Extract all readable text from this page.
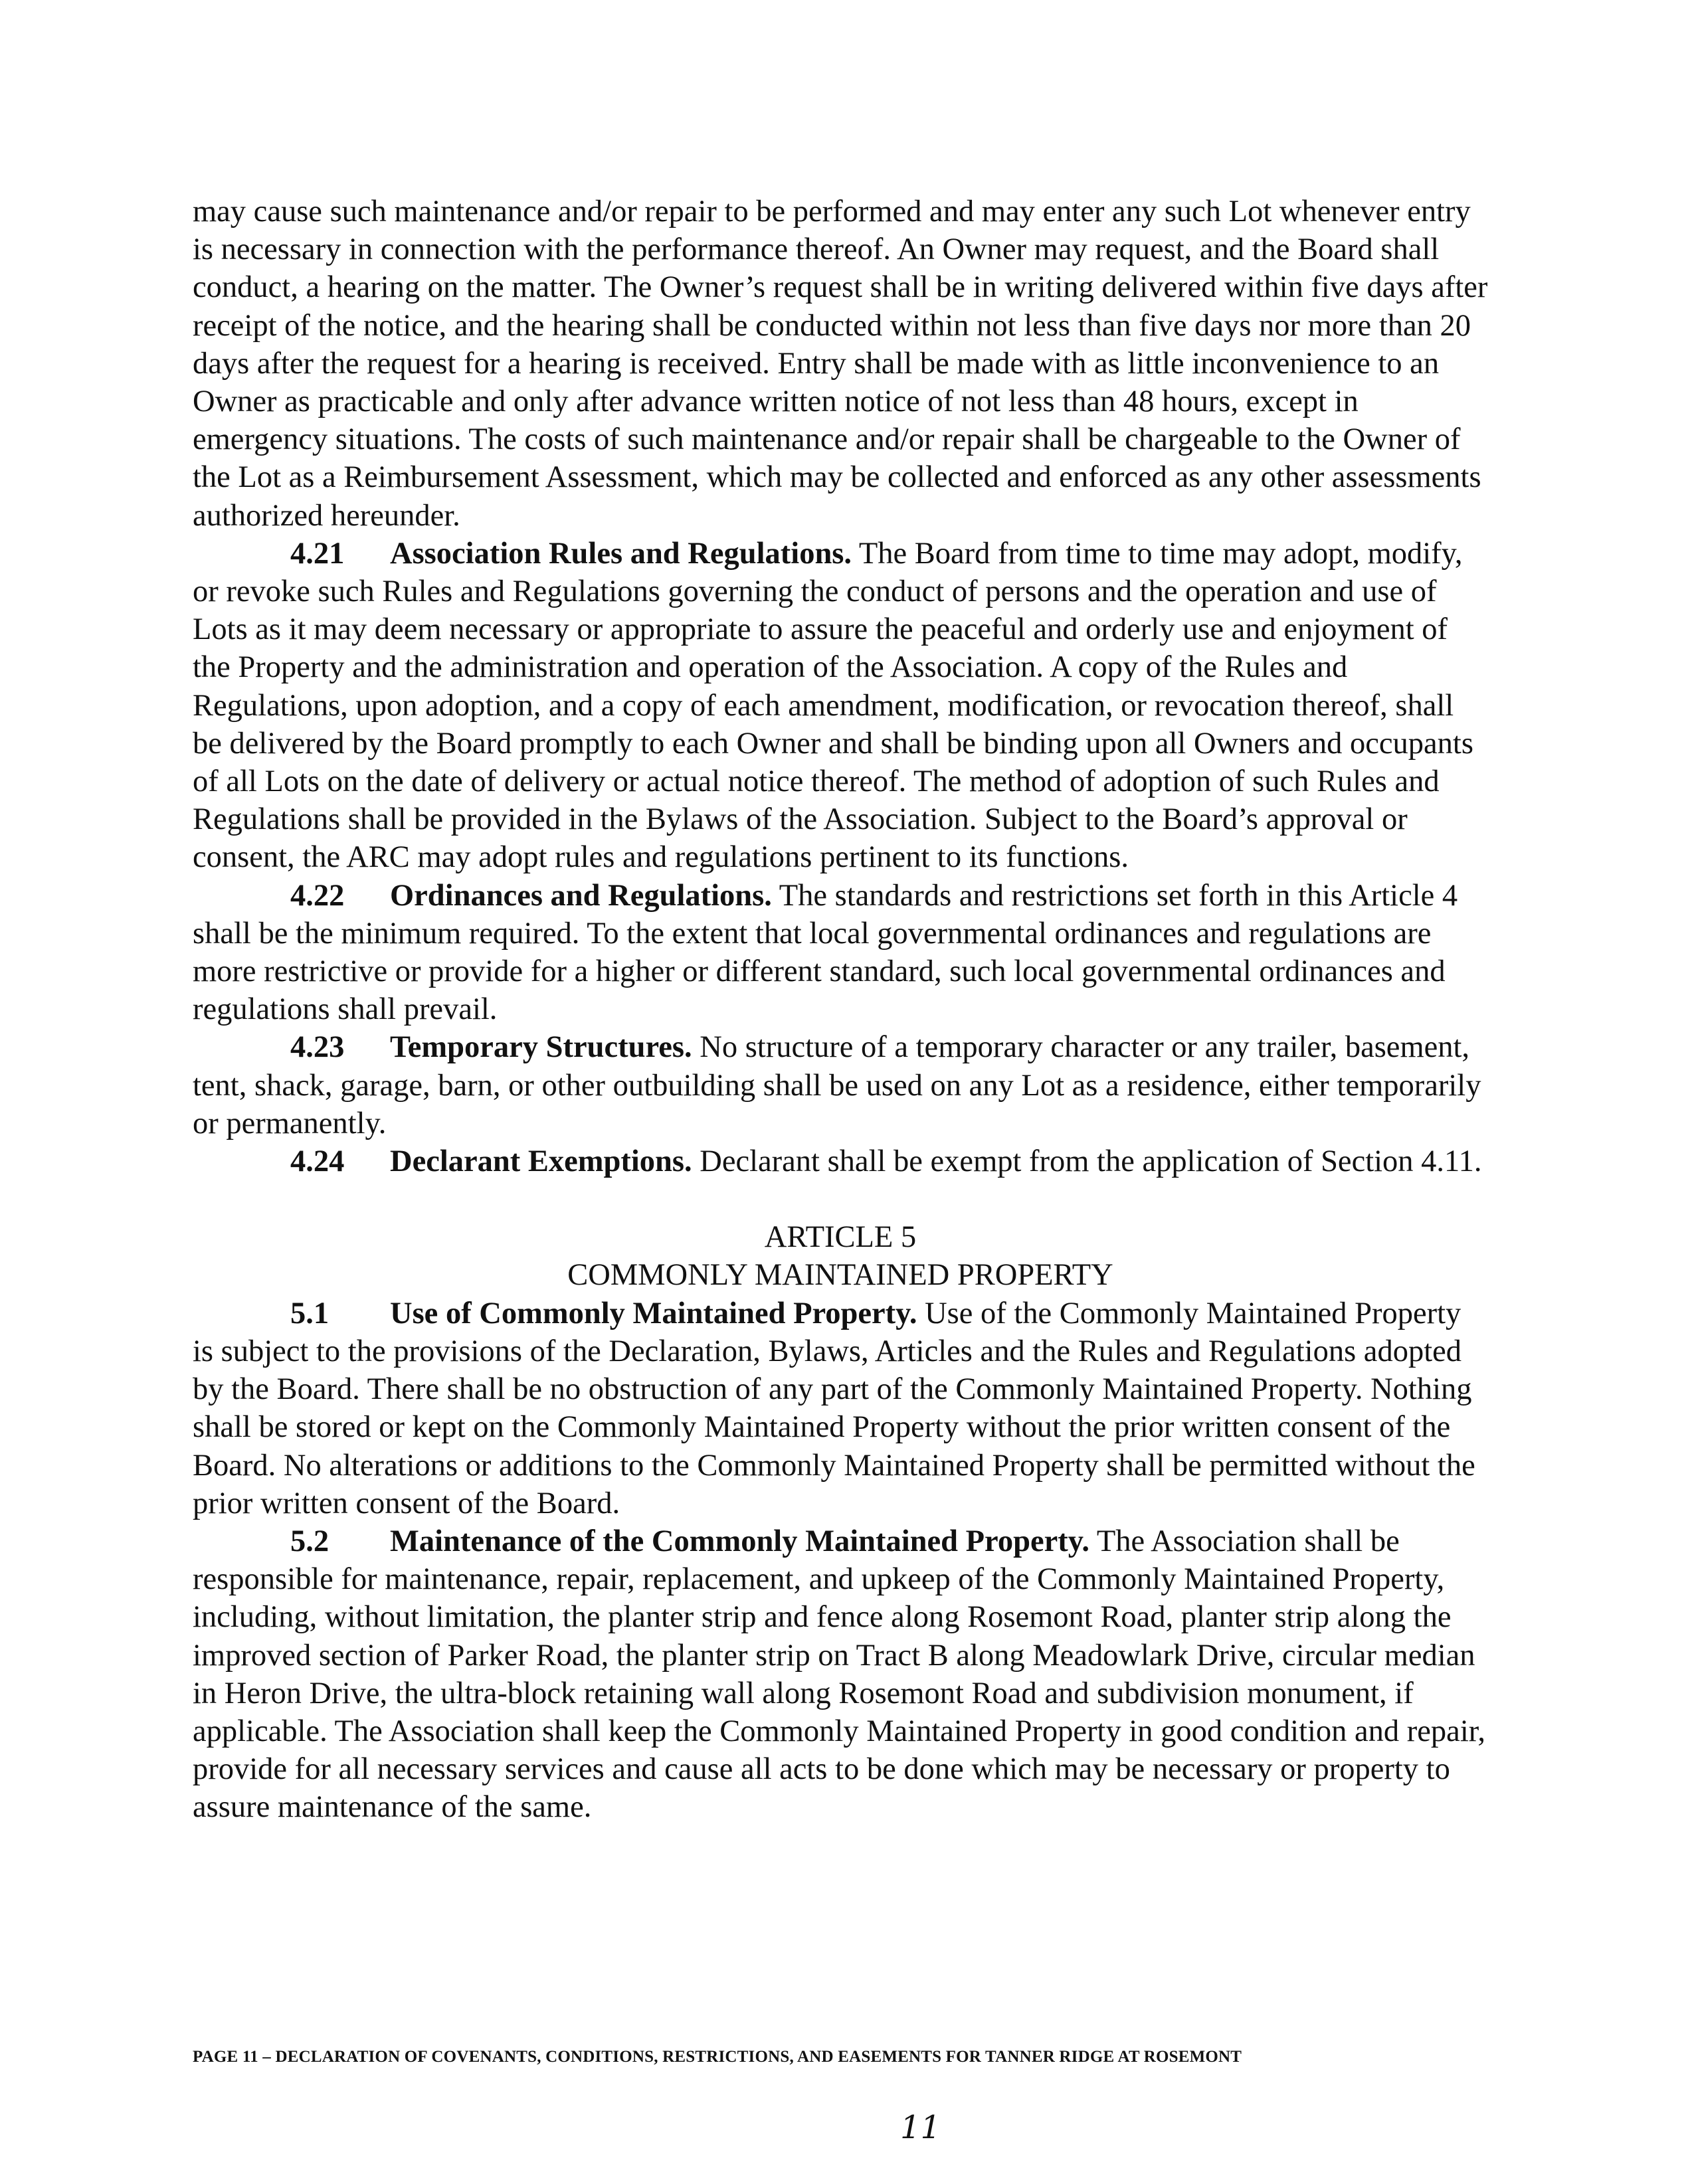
may cause such maintenance and/or repair to be performed and may enter any such Lot whenever entry is necessary in connection with the performance thereof. An Owner may request, and the Board shall conduct, a hearing on the matter. The Owner’s request shall be in writing delivered within five days after receipt of the notice, and the hearing shall be conducted within not less than five days nor more than 20 days after the request for a hearing is received. Entry shall be made with as little inconvenience to an Owner as practicable and only after advance written notice of not less than 48 hours, except in emergency situations. The costs of such maintenance and/or repair shall be chargeable to the Owner of the Lot as a Reimbursement Assessment, which may be collected and enforced as any other assessments authorized hereunder.

4.21 Association Rules and Regulations. The Board from time to time may adopt, modify, or revoke such Rules and Regulations governing the conduct of persons and the operation and use of Lots as it may deem necessary or appropriate to assure the peaceful and orderly use and enjoyment of the Property and the administration and operation of the Association. A copy of the Rules and Regulations, upon adoption, and a copy of each amendment, modification, or revocation thereof, shall be delivered by the Board promptly to each Owner and shall be binding upon all Owners and occupants of all Lots on the date of delivery or actual notice thereof. The method of adoption of such Rules and Regulations shall be provided in the Bylaws of the Association. Subject to the Board’s approval or consent, the ARC may adopt rules and regulations pertinent to its functions.

4.22 Ordinances and Regulations. The standards and restrictions set forth in this Article 4 shall be the minimum required. To the extent that local governmental ordinances and regulations are more restrictive or provide for a higher or different standard, such local governmental ordinances and regulations shall prevail.

4.23 Temporary Structures. No structure of a temporary character or any trailer, basement, tent, shack, garage, barn, or other outbuilding shall be used on any Lot as a residence, either temporarily or permanently.

4.24 Declarant Exemptions. Declarant shall be exempt from the application of Section 4.11.

ARTICLE 5

COMMONLY MAINTAINED PROPERTY

5.1 Use of Commonly Maintained Property. Use of the Commonly Maintained Property is subject to the provisions of the Declaration, Bylaws, Articles and the Rules and Regulations adopted by the Board. There shall be no obstruction of any part of the Commonly Maintained Property. Nothing shall be stored or kept on the Commonly Maintained Property without the prior written consent of the Board. No alterations or additions to the Commonly Maintained Property shall be permitted without the prior written consent of the Board.

5.2 Maintenance of the Commonly Maintained Property. The Association shall be responsible for maintenance, repair, replacement, and upkeep of the Commonly Maintained Property, including, without limitation, the planter strip and fence along Rosemont Road, planter strip along the improved section of Parker Road, the planter strip on Tract B along Meadowlark Drive, circular median in Heron Drive, the ultra-block retaining wall along Rosemont Road and subdivision monument, if applicable. The Association shall keep the Commonly Maintained Property in good condition and repair, provide for all necessary services and cause all acts to be done which may be necessary or property to assure maintenance of the same.

PAGE 11 – DECLARATION OF COVENANTS, CONDITIONS, RESTRICTIONS, AND EASEMENTS FOR TANNER RIDGE AT ROSEMONT
11
